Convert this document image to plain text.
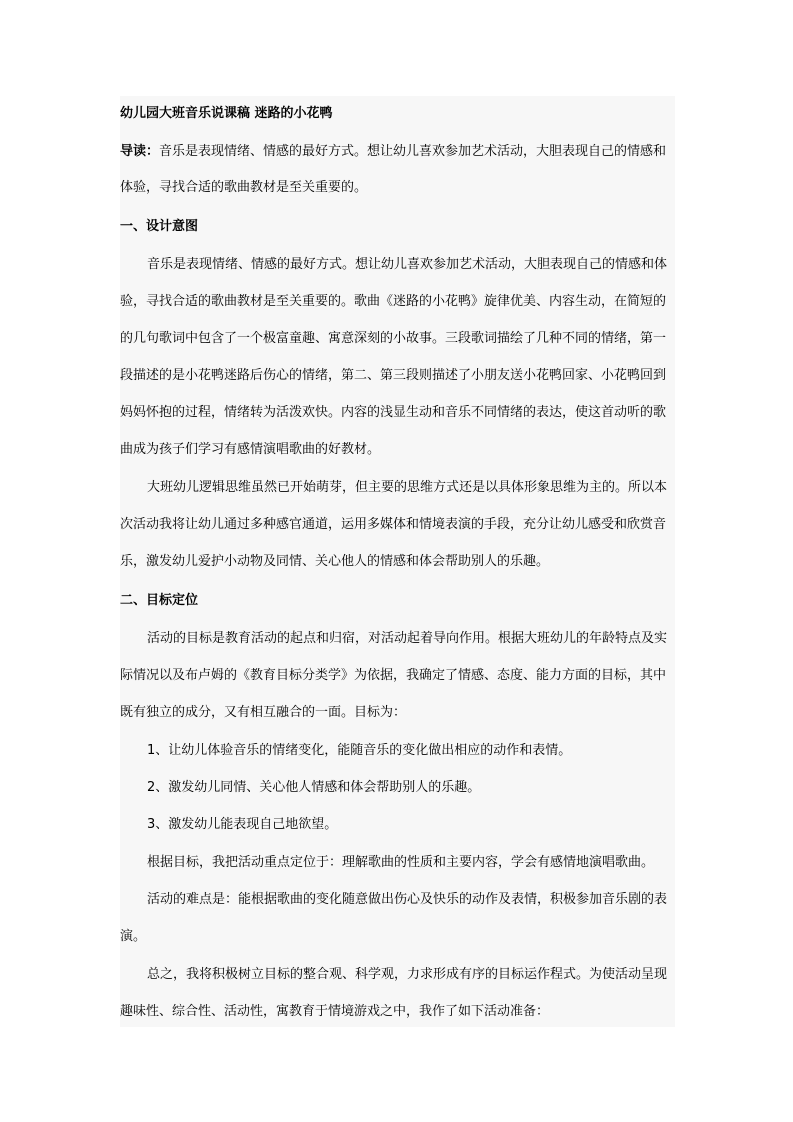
幼儿园大班音乐说课稿 迷路的小花鸭
导读：音乐是表现情绪、情感的最好方式。想让幼儿喜欢参加艺术活动，大胆表现自己的情感和
体验，寻找合适的歌曲教材是至关重要的。
一、设计意图
音乐是表现情绪、情感的最好方式。想让幼儿喜欢参加艺术活动，大胆表现自己的情感和体
验，寻找合适的歌曲教材是至关重要的。歌曲《迷路的小花鸭》旋律优美、内容生动，在简短的
的几句歌词中包含了一个极富童趣、寓意深刻的小故事。三段歌词描绘了几种不同的情绪，第一
段描述的是小花鸭迷路后伤心的情绪，第二、第三段则描述了小朋友送小花鸭回家、小花鸭回到
妈妈怀抱的过程，情绪转为活泼欢快。内容的浅显生动和音乐不同情绪的表达，使这首动听的歌
曲成为孩子们学习有感情演唱歌曲的好教材。
大班幼儿逻辑思维虽然已开始萌芽，但主要的思维方式还是以具体形象思维为主的。所以本
次活动我将让幼儿通过多种感官通道，运用多媒体和情境表演的手段，充分让幼儿感受和欣赏音
乐，激发幼儿爱护小动物及同情、关心他人的情感和体会帮助别人的乐趣。
二、目标定位
活动的目标是教育活动的起点和归宿，对活动起着导向作用。根据大班幼儿的年龄特点及实
际情况以及布卢姆的《教育目标分类学》为依据，我确定了情感、态度、能力方面的目标，其中
既有独立的成分，又有相互融合的一面。目标为：
1、让幼儿体验音乐的情绪变化，能随音乐的变化做出相应的动作和表情。
2、激发幼儿同情、关心他人情感和体会帮助别人的乐趣。
3、激发幼儿能表现自己地欲望。
根据目标，我把活动重点定位于：理解歌曲的性质和主要内容，学会有感情地演唱歌曲。
活动的难点是：能根据歌曲的变化随意做出伤心及快乐的动作及表情，积极参加音乐剧的表
演。
总之，我将积极树立目标的整合观、科学观，力求形成有序的目标运作程式。为使活动呈现
趣味性、综合性、活动性，寓教育于情境游戏之中，我作了如下活动准备：
